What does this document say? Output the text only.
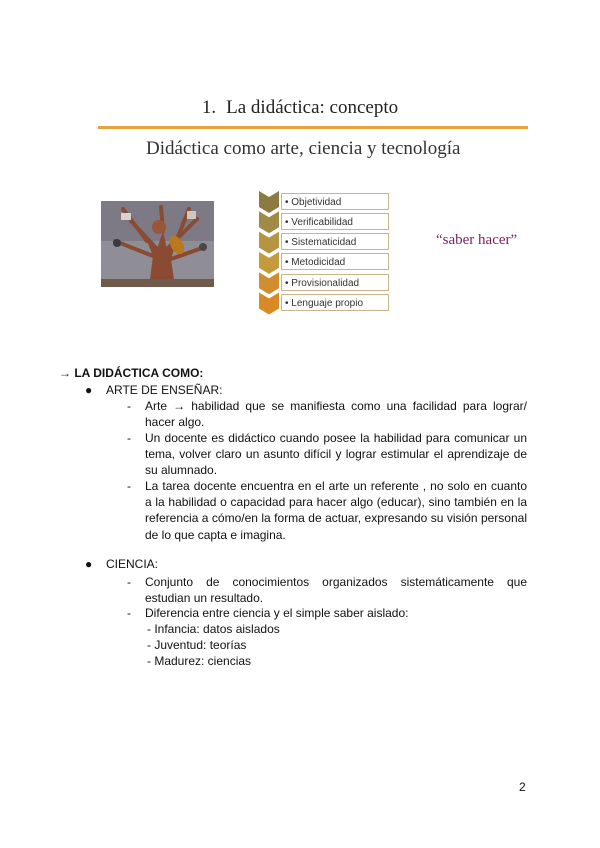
1. La didáctica: concepto
Didáctica como arte, ciencia y tecnología
• Objetividad
• Verificabilidad
• Sistematicidad
• Metodicidad
• Provisionalidad
• Lenguaje propio
“saber hacer”
→ LA DIDÁCTICA COMO:
● ARTE DE ENSEÑAR:
- Arte → habilidad que se manifiesta como una facilidad para lograr/ hacer algo.
- Un docente es didáctico cuando posee la habilidad para comunicar un tema, volver claro un asunto difícil y lograr estimular el aprendizaje de su alumnado.
- La tarea docente encuentra en el arte un referente , no solo en cuanto a la habilidad o capacidad para hacer algo (educar), sino también en la referencia a cómo/en la forma de actuar, expresando su visión personal de lo que capta e imagina.
● CIENCIA:
- Conjunto de conocimientos organizados sistemáticamente que estudian un resultado.
- Diferencia entre ciencia y el simple saber aislado:
- Infancia: datos aislados
- Juventud: teorías
- Madurez: ciencias
2
